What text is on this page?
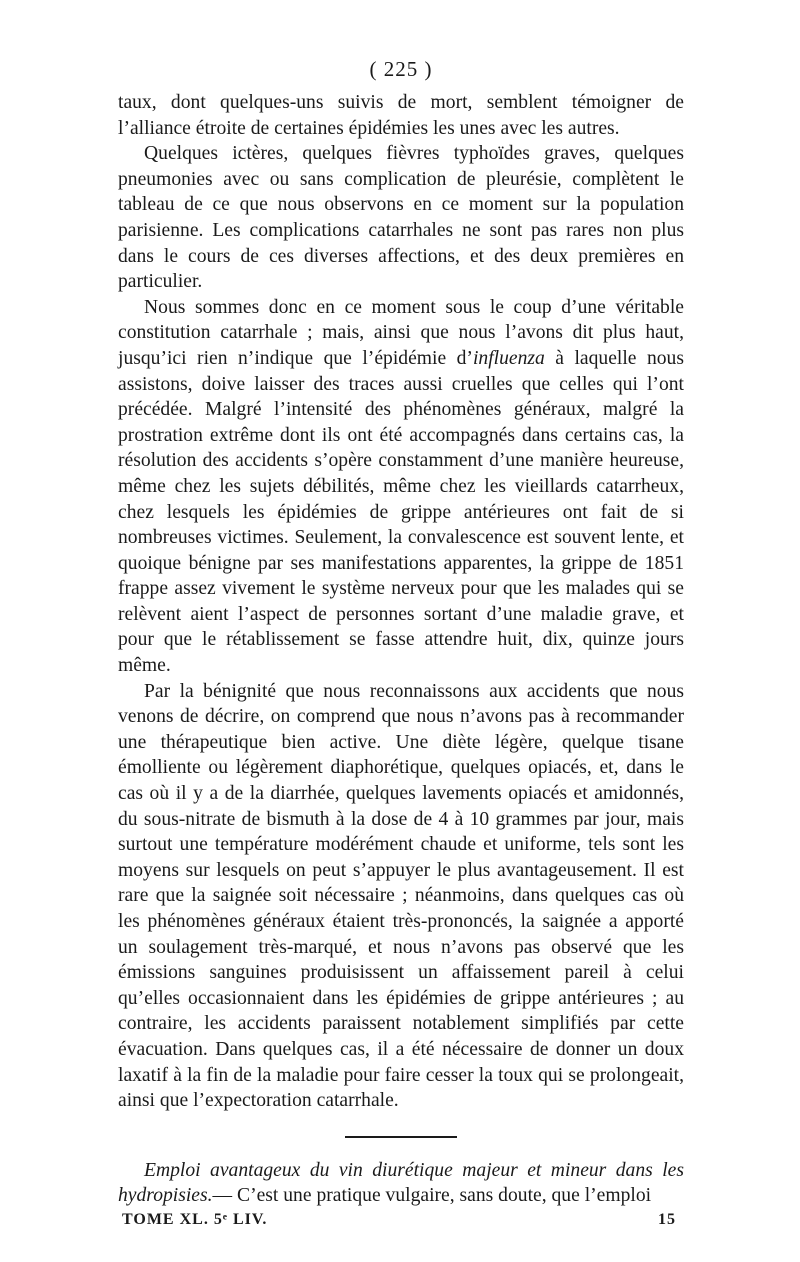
( 225 )

taux, dont quelques-uns suivis de mort, semblent témoigner de l’alliance étroite de certaines épidémies les unes avec les autres.

Quelques ictères, quelques fièvres typhoïdes graves, quelques pneumonies avec ou sans complication de pleurésie, complètent le tableau de ce que nous observons en ce moment sur la population parisienne. Les complications catarrhales ne sont pas rares non plus dans le cours de ces diverses affections, et des deux premières en particulier.

Nous sommes donc en ce moment sous le coup d’une véritable constitution catarrhale ; mais, ainsi que nous l’avons dit plus haut, jusqu’ici rien n’indique que l’épidémie d’influenza à laquelle nous assistons, doive laisser des traces aussi cruelles que celles qui l’ont précédée. Malgré l’intensité des phénomènes généraux, malgré la prostration extrême dont ils ont été accompagnés dans certains cas, la résolution des accidents s’opère constamment d’une manière heureuse, même chez les sujets débilités, même chez les vieillards catarrheux, chez lesquels les épidémies de grippe antérieures ont fait de si nombreuses victimes. Seulement, la convalescence est souvent lente, et quoique bénigne par ses manifestations apparentes, la grippe de 1851 frappe assez vivement le système nerveux pour que les malades qui se relèvent aient l’aspect de personnes sortant d’une maladie grave, et pour que le rétablissement se fasse attendre huit, dix, quinze jours même.

Par la bénignité que nous reconnaissons aux accidents que nous venons de décrire, on comprend que nous n’avons pas à recommander une thérapeutique bien active. Une diète légère, quelque tisane émolliente ou légèrement diaphorétique, quelques opiacés, et, dans le cas où il y a de la diarrhée, quelques lavements opiacés et amidonnés, du sous-nitrate de bismuth à la dose de 4 à 10 grammes par jour, mais surtout une température modérément chaude et uniforme, tels sont les moyens sur lesquels on peut s’appuyer le plus avantageusement. Il est rare que la saignée soit nécessaire ; néanmoins, dans quelques cas où les phénomènes généraux étaient très-prononcés, la saignée a apporté un soulagement très-marqué, et nous n’avons pas observé que les émissions sanguines produisissent un affaissement pareil à celui qu’elles occasionnaient dans les épidémies de grippe antérieures ; au contraire, les accidents paraissent notablement simplifiés par cette évacuation. Dans quelques cas, il a été nécessaire de donner un doux laxatif à la fin de la maladie pour faire cesser la toux qui se prolongeait, ainsi que l’expectoration catarrhale.

Emploi avantageux du vin diurétique majeur et mineur dans les hydropisies.— C’est une pratique vulgaire, sans doute, que l’emploi

TOME XL. 5ᵉ LIV.	15
